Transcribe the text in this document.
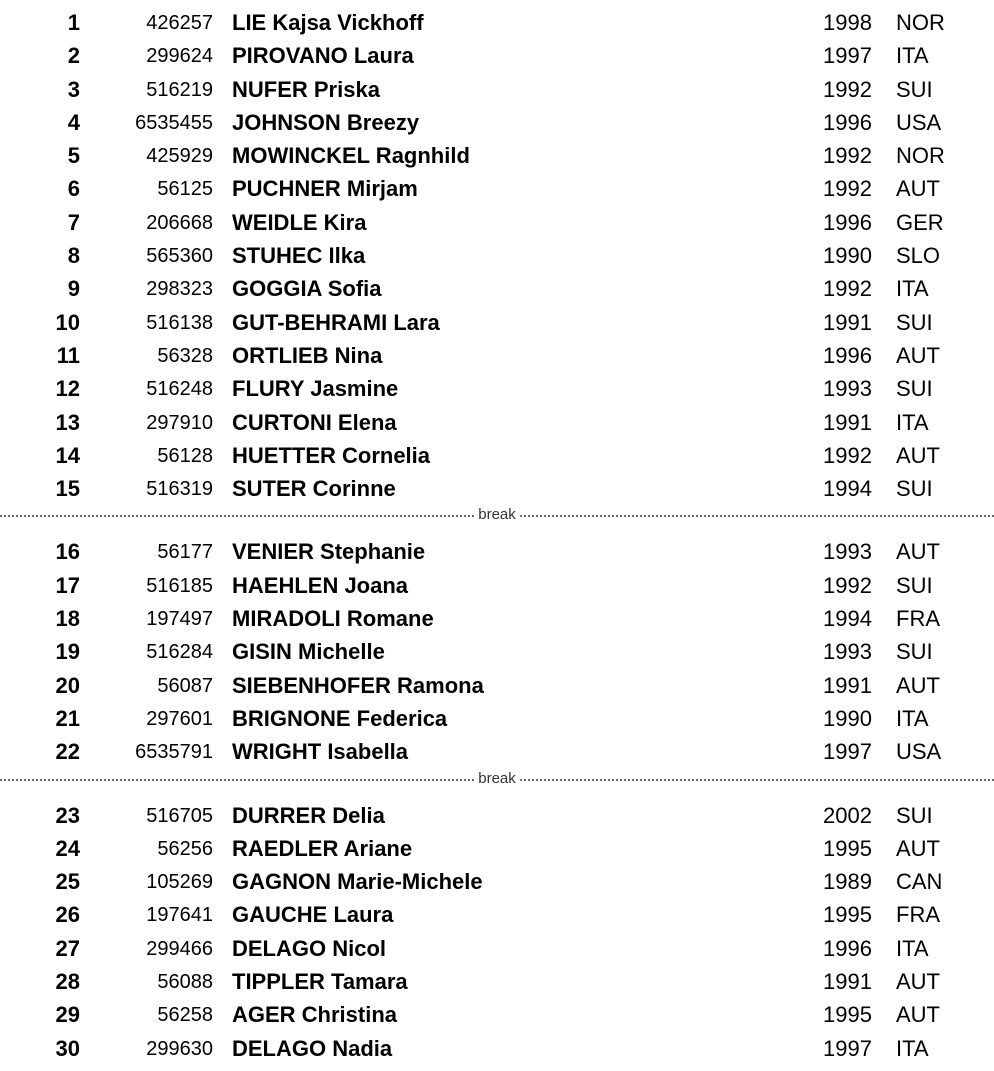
1	426257 LIE Kajsa Vickhoff	1998 NOR
2	299624 PIROVANO Laura	1997 ITA
3	516219 NUFER Priska	1992 SUI
4	6535455 JOHNSON Breezy	1996 USA
5	425929 MOWINCKEL Ragnhild	1992 NOR
6	56125 PUCHNER Mirjam	1992 AUT
7	206668 WEIDLE Kira	1996 GER
8	565360 STUHEC Ilka	1990 SLO
9	298323 GOGGIA Sofia	1992 ITA
10	516138 GUT-BEHRAMI Lara	1991 SUI
11	56328 ORTLIEB Nina	1996 AUT
12	516248 FLURY Jasmine	1993 SUI
13	297910 CURTONI Elena	1991 ITA
14	56128 HUETTER Cornelia	1992 AUT
15	516319 SUTER Corinne	1994 SUI
break
16	56177 VENIER Stephanie	1993 AUT
17	516185 HAEHLEN Joana	1992 SUI
18	197497 MIRADOLI Romane	1994 FRA
19	516284 GISIN Michelle	1993 SUI
20	56087 SIEBENHOFER Ramona	1991 AUT
21	297601 BRIGNONE Federica	1990 ITA
22	6535791 WRIGHT Isabella	1997 USA
break
23	516705 DURRER Delia	2002 SUI
24	56256 RAEDLER Ariane	1995 AUT
25	105269 GAGNON Marie-Michele	1989 CAN
26	197641 GAUCHE Laura	1995 FRA
27	299466 DELAGO Nicol	1996 ITA
28	56088 TIPPLER Tamara	1991 AUT
29	56258 AGER Christina	1995 AUT
30	299630 DELAGO Nadia	1997 ITA
